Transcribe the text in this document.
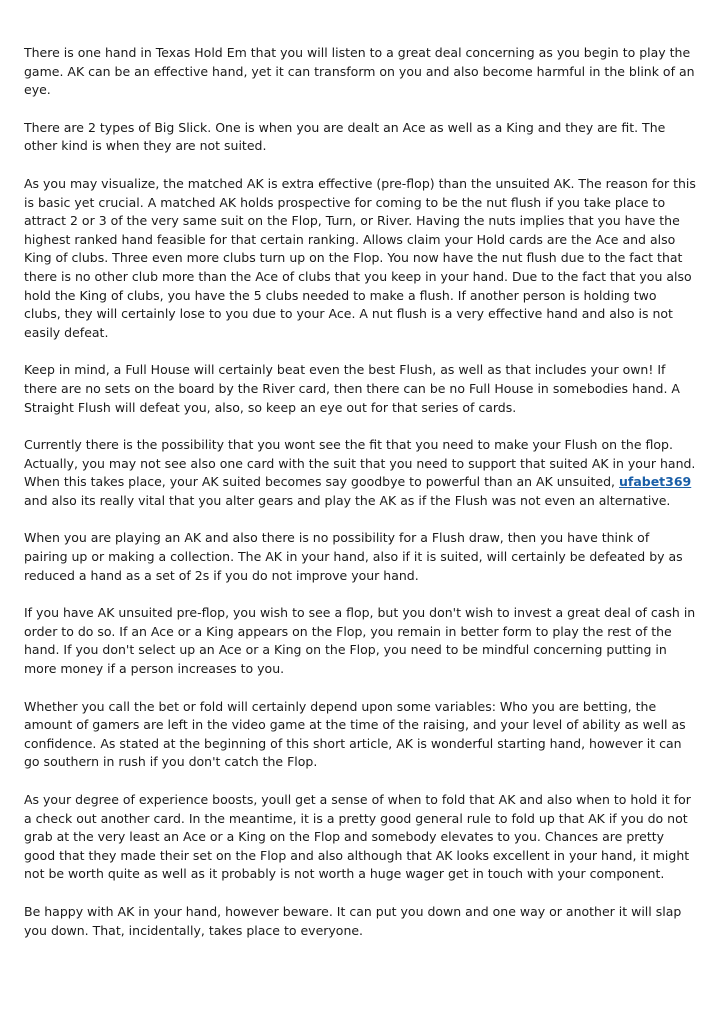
There is one hand in Texas Hold Em that you will listen to a great deal concerning as you begin to play the game. AK can be an effective hand, yet it can transform on you and also become harmful in the blink of an eye.

There are 2 types of Big Slick. One is when you are dealt an Ace as well as a King and they are fit. The other kind is when they are not suited.

As you may visualize, the matched AK is extra effective (pre-flop) than the unsuited AK. The reason for this is basic yet crucial. A matched AK holds prospective for coming to be the nut flush if you take place to attract 2 or 3 of the very same suit on the Flop, Turn, or River. Having the nuts implies that you have the highest ranked hand feasible for that certain ranking. Allows claim your Hold cards are the Ace and also King of clubs. Three even more clubs turn up on the Flop. You now have the nut flush due to the fact that there is no other club more than the Ace of clubs that you keep in your hand. Due to the fact that you also hold the King of clubs, you have the 5 clubs needed to make a flush. If another person is holding two clubs, they will certainly lose to you due to your Ace. A nut flush is a very effective hand and also is not easily defeat.

Keep in mind, a Full House will certainly beat even the best Flush, as well as that includes your own! If there are no sets on the board by the River card, then there can be no Full House in somebodies hand. A Straight Flush will defeat you, also, so keep an eye out for that series of cards.

Currently there is the possibility that you wont see the fit that you need to make your Flush on the flop. Actually, you may not see also one card with the suit that you need to support that suited AK in your hand. When this takes place, your AK suited becomes say goodbye to powerful than an AK unsuited, ufabet369 and also its really vital that you alter gears and play the AK as if the Flush was not even an alternative.

When you are playing an AK and also there is no possibility for a Flush draw, then you have think of pairing up or making a collection. The AK in your hand, also if it is suited, will certainly be defeated by as reduced a hand as a set of 2s if you do not improve your hand.

If you have AK unsuited pre-flop, you wish to see a flop, but you don't wish to invest a great deal of cash in order to do so. If an Ace or a King appears on the Flop, you remain in better form to play the rest of the hand. If you don't select up an Ace or a King on the Flop, you need to be mindful concerning putting in more money if a person increases to you.

Whether you call the bet or fold will certainly depend upon some variables: Who you are betting, the amount of gamers are left in the video game at the time of the raising, and your level of ability as well as confidence. As stated at the beginning of this short article, AK is wonderful starting hand, however it can go southern in rush if you don't catch the Flop.

As your degree of experience boosts, youll get a sense of when to fold that AK and also when to hold it for a check out another card. In the meantime, it is a pretty good general rule to fold up that AK if you do not grab at the very least an Ace or a King on the Flop and somebody elevates to you. Chances are pretty good that they made their set on the Flop and also although that AK looks excellent in your hand, it might not be worth quite as well as it probably is not worth a huge wager get in touch with your component.

Be happy with AK in your hand, however beware. It can put you down and one way or another it will slap you down. That, incidentally, takes place to everyone.
